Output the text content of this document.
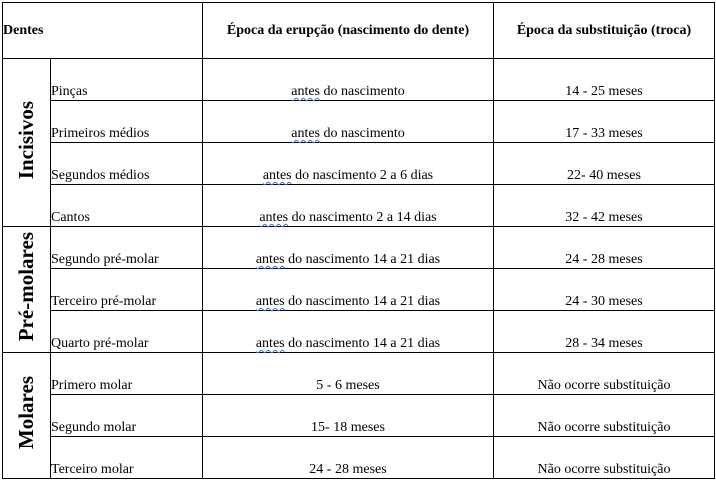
Dentes		Época da erupção (nascimento do dente)	Época da substituição (troca)
Incisivos	Pinças	antes do nascimento	14 - 25 meses
	Primeiros médios	antes do nascimento	17 - 33 meses
	Segundos médios	antes do nascimento 2 a 6 dias	22- 40 meses
	Cantos	antes do nascimento 2 a 14 dias	32 - 42 meses
Pré-molares	Segundo pré-molar	antes do nascimento 14 a 21 dias	24 - 28 meses
	Terceiro pré-molar	antes do nascimento 14 a 21 dias	24 - 30 meses
	Quarto pré-molar	antes do nascimento 14 a 21 dias	28 - 34 meses
Molares	Primero molar	5 - 6 meses	Não ocorre substituição
	Segundo molar	15- 18 meses	Não ocorre substituição
	Terceiro molar	24 - 28 meses	Não ocorre substituição
